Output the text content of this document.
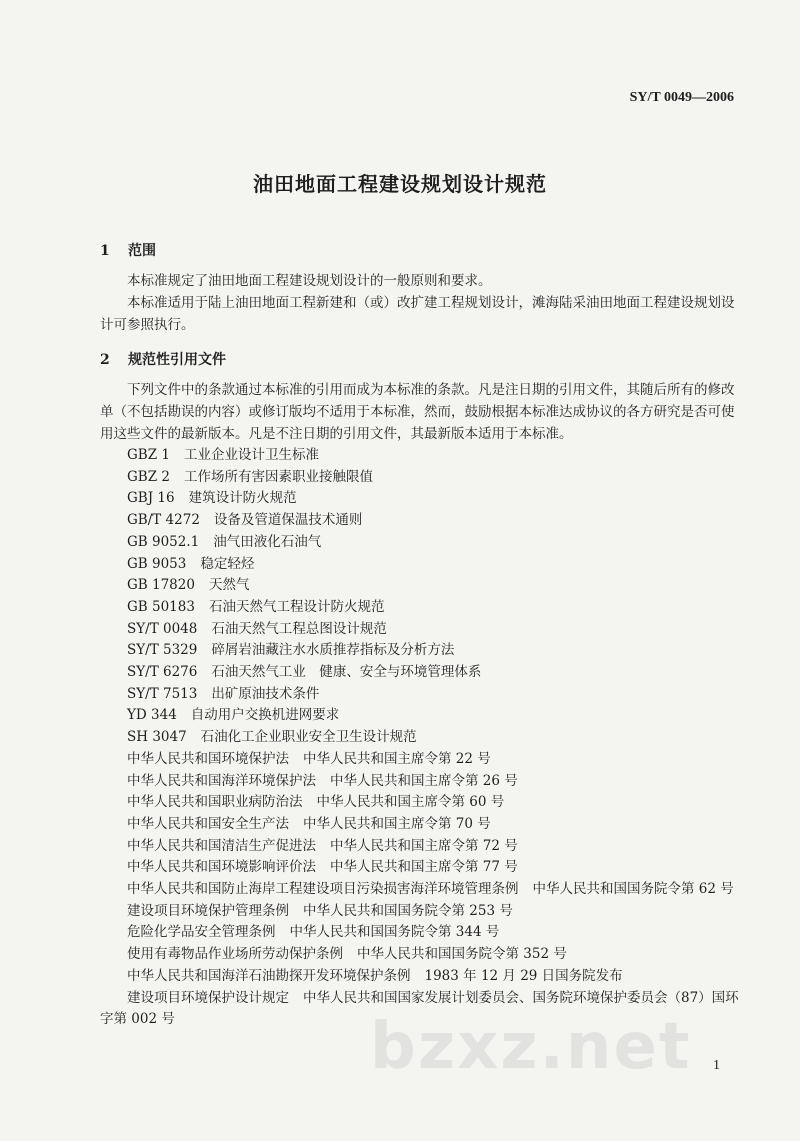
SY/T 0049—2006
油田地面工程建设规划设计规范
1 范围

本标准规定了油田地面工程建设规划设计的一般原则和要求。

本标准适用于陆上油田地面工程新建和（或）改扩建工程规划设计，滩海陆采油田地面工程建设规划设计可参照执行。

2 规范性引用文件

下列文件中的条款通过本标准的引用而成为本标准的条款。凡是注日期的引用文件，其随后所有的修改单（不包括勘误的内容）或修订版均不适用于本标准，然而，鼓励根据本标准达成协议的各方研究是否可使用这些文件的最新版本。凡是不注日期的引用文件，其最新版本适用于本标准。

GBZ 1 工业企业设计卫生标准
GBZ 2 工作场所有害因素职业接触限值
GBJ 16 建筑设计防火规范
GB/T 4272 设备及管道保温技术通则
GB 9052.1 油气田液化石油气
GB 9053 稳定轻烃
GB 17820 天然气
GB 50183 石油天然气工程设计防火规范
SY/T 0048 石油天然气工程总图设计规范
SY/T 5329 碎屑岩油藏注水水质推荐指标及分析方法
SY/T 6276 石油天然气工业　健康、安全与环境管理体系
SY/T 7513 出矿原油技术条件
YD 344 自动用户交换机进网要求
SH 3047 石油化工企业职业安全卫生设计规范
中华人民共和国环境保护法 中华人民共和国主席令第 22 号
中华人民共和国海洋环境保护法 中华人民共和国主席令第 26 号
中华人民共和国职业病防治法 中华人民共和国主席令第 60 号
中华人民共和国安全生产法 中华人民共和国主席令第 70 号
中华人民共和国清洁生产促进法 中华人民共和国主席令第 72 号
中华人民共和国环境影响评价法 中华人民共和国主席令第 77 号
中华人民共和国防止海岸工程建设项目污染损害海洋环境管理条例 中华人民共和国国务院令第 62 号
建设项目环境保护管理条例 中华人民共和国国务院令第 253 号
危险化学品安全管理条例 中华人民共和国国务院令第 344 号
使用有毒物品作业场所劳动保护条例 中华人民共和国国务院令第 352 号
中华人民共和国海洋石油勘探开发环境保护条例 1983 年 12 月 29 日国务院发布
建设项目环境保护设计规定 中华人民共和国国家发展计划委员会、国务院环境保护委员会（87）国环字第 002 号	bzxz.net 1
